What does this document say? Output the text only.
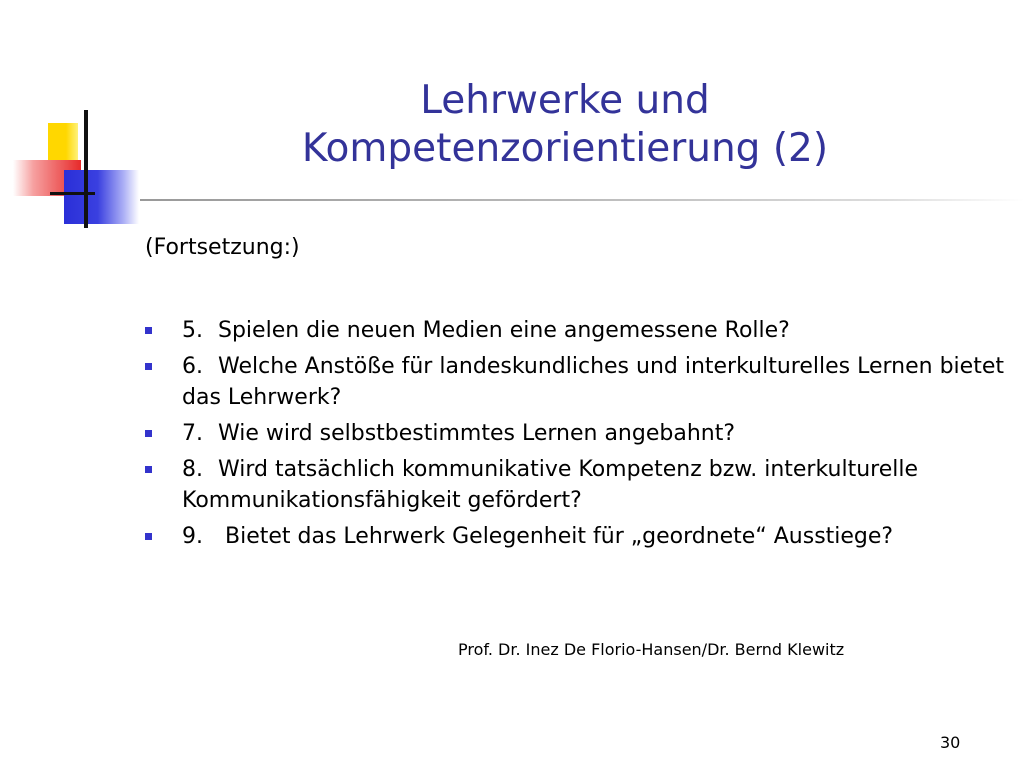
Lehrwerke und
Kompetenzorientierung (2)
(Fortsetzung:)
5. Spielen die neuen Medien eine angemessene Rolle?
6. Welche Anstöße für landeskundliches und interkulturelles Lernen bietet das Lehrwerk?
7. Wie wird selbstbestimmtes Lernen angebahnt?
8. Wird tatsächlich kommunikative Kompetenz bzw. interkulturelle Kommunikationsfähigkeit gefördert?
9. Bietet das Lehrwerk Gelegenheit für „geordnete“ Ausstiege?
Prof. Dr. Inez De Florio-Hansen/Dr. Bernd Klewitz
30
